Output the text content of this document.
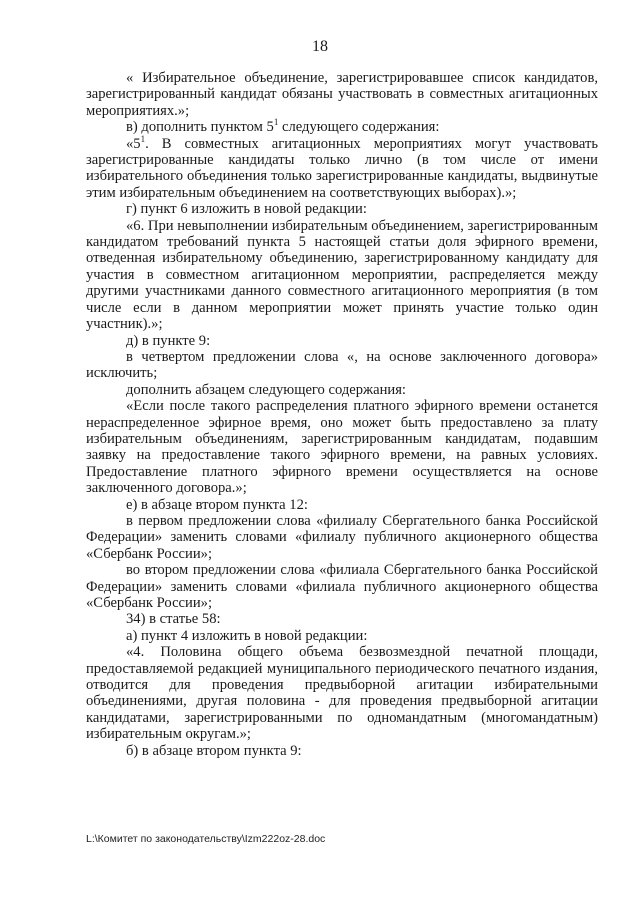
18

« Избирательное объединение, зарегистрировавшее список кандидатов, зарегистрированный кандидат обязаны участвовать в совместных агитационных мероприятиях.»;

в) дополнить пунктом $5^1$ следующего содержания:

«$5^1$. В совместных агитационных мероприятиях могут участвовать зарегистрированные кандидаты только лично (в том числе от имени избирательного объединения только зарегистрированные кандидаты, выдвинутые этим избирательным объединением на соответствующих выборах).»;

г) пункт 6 изложить в новой редакции:

«6. При невыполнении избирательным объединением, зарегистрированным кандидатом требований пункта 5 настоящей статьи доля эфирного времени, отведенная избирательному объединению, зарегистрированному кандидату для участия в совместном агитационном мероприятии, распределяется между другими участниками данного совместного агитационного мероприятия (в том числе если в данном мероприятии может принять участие только один участник).»;

д) в пункте 9:

в четвертом предложении слова «, на основе заключенного договора» исключить;

дополнить абзацем следующего содержания:

«Если после такого распределения платного эфирного времени останется нераспределенное эфирное время, оно может быть предоставлено за плату избирательным объединениям, зарегистрированным кандидатам, подавшим заявку на предоставление такого эфирного времени, на равных условиях. Предоставление платного эфирного времени осуществляется на основе заключенного договора.»;

е) в абзаце втором пункта 12:

в первом предложении слова «филиалу Сбергательного банка Российской Федерации» заменить словами «филиалу публичного акционерного общества «Сбербанк России»;

во втором предложении слова «филиала Сбергательного банка Российской Федерации» заменить словами «филиала публичного акционерного общества «Сбербанк России»;

34) в статье 58:

а) пункт 4 изложить в новой редакции:

«4. Половина общего объема безвозмездной печатной площади, предоставляемой редакцией муниципального периодического печатного издания, отводится для проведения предвыборной агитации избирательными объединениями, другая половина - для проведения предвыборной агитации кандидатами, зарегистрированными по одномандатным (многомандатным) избирательным округам.»;

б) в абзаце втором пункта 9:

L:\Комитет по законодательству\Izm222oz-28.doc
